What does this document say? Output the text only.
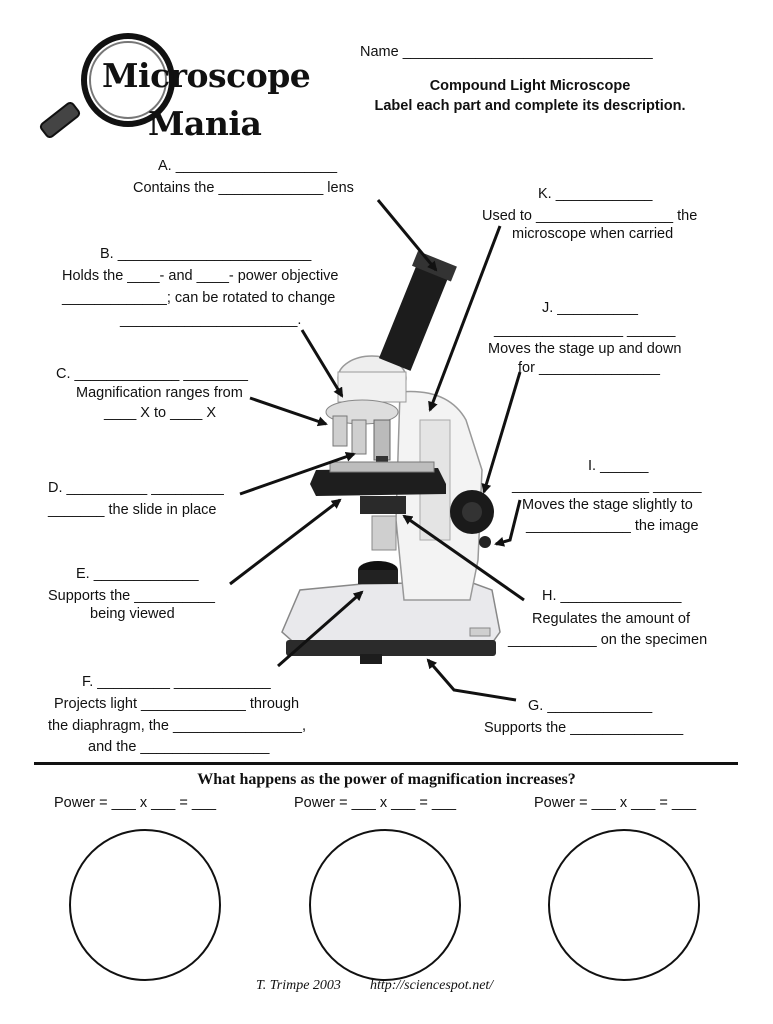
Microscope
Mania
Name _______________________________
Compound Light Microscope
Label each part and complete its description.
A. ____________________
Contains the _____________ lens
B. ________________________
Holds the ____- and ____- power objective
_____________; can be rotated to change
______________________.
C. _____________ ________
Magnification ranges from
____ X to ____ X
D. __________ _________
_______ the slide in place
E. _____________
Supports the __________
being viewed
F. _________ ____________
Projects light _____________ through
the diaphragm, the ________________,
and the ________________
K. ____________
Used to _________________ the
microscope when carried
J. __________
________________ ______
Moves the stage up and down
for _______________
I. ______
_________________ ______
Moves the stage slightly to
_____________ the image
H. _______________
Regulates the amount of
___________ on the specimen
G. _____________
Supports the ______________
What happens as the power of magnification increases?
Power = ___ x ___ = ___	Power = ___ x ___ = ___	Power = ___ x ___ = ___
T. Trimpe 2003 http://sciencespot.net/
